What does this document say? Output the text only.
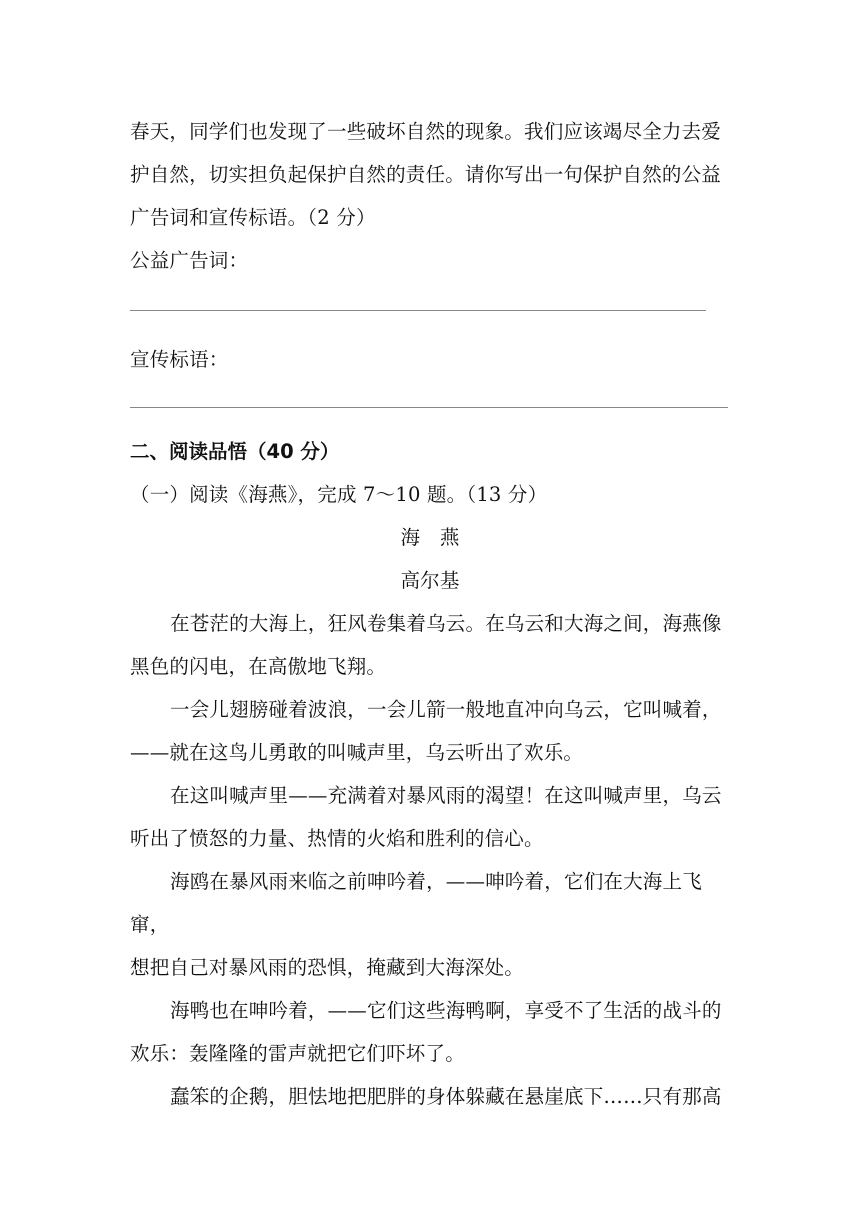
春天，同学们也发现了一些破坏自然的现象。我们应该竭尽全力去爱

护自然，切实担负起保护自然的责任。请你写出一句保护自然的公益

广告词和宣传标语。（2 分）

公益广告词：

宣传标语：

二、阅读品悟（40 分）

（一）阅读《海燕》，完成 7～10 题。（13 分）

海　燕

高尔基

在苍茫的大海上，狂风卷集着乌云。在乌云和大海之间，海燕像

黑色的闪电，在高傲地飞翔。

一会儿翅膀碰着波浪，一会儿箭一般地直冲向乌云，它叫喊着，

——就在这鸟儿勇敢的叫喊声里，乌云听出了欢乐。

在这叫喊声里——充满着对暴风雨的渴望！在这叫喊声里，乌云

听出了愤怒的力量、热情的火焰和胜利的信心。

海鸥在暴风雨来临之前呻吟着，——呻吟着，它们在大海上飞窜，

想把自己对暴风雨的恐惧，掩藏到大海深处。

海鸭也在呻吟着，——它们这些海鸭啊，享受不了生活的战斗的

欢乐：轰隆隆的雷声就把它们吓坏了。

蠢笨的企鹅，胆怯地把肥胖的身体躲藏在悬崖底下……只有那高
